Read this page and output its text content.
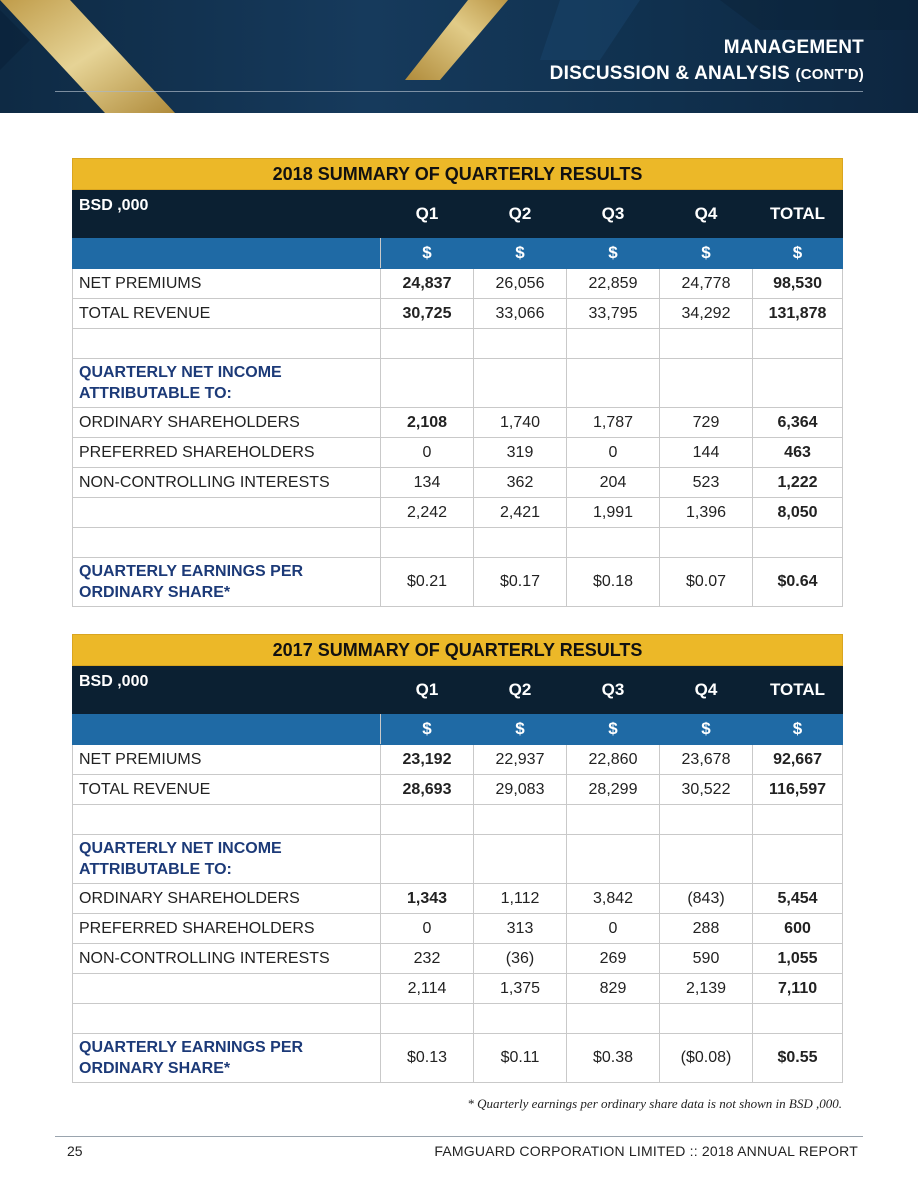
MANAGEMENT
DISCUSSION & ANALYSIS (CONT'D)
2018 SUMMARY OF QUARTERLY RESULTS					
BSD ,000	Q1	Q2	Q3	Q4	TOTAL
	$	$	$	$	$
NET PREMIUMS	24,837	26,056	22,859	24,778	98,530
TOTAL REVENUE	30,725	33,066	33,795	34,292	131,878

QUARTERLY NET INCOME
ATTRIBUTABLE TO:					
ORDINARY SHAREHOLDERS	2,108	1,740	1,787	729	6,364
PREFERRED SHAREHOLDERS	0	319	0	144	463
NON-CONTROLLING INTERESTS	134	362	204	523	1,222
	2,242	2,421	1,991	1,396	8,050

QUARTERLY EARNINGS PER
ORDINARY SHARE*	$0.21	$0.17	$0.18	$0.07	$0.64
2017 SUMMARY OF QUARTERLY RESULTS					
BSD ,000	Q1	Q2	Q3	Q4	TOTAL
	$	$	$	$	$
NET PREMIUMS	23,192	22,937	22,860	23,678	92,667
TOTAL REVENUE	28,693	29,083	28,299	30,522	116,597

QUARTERLY NET INCOME
ATTRIBUTABLE TO:					
ORDINARY SHAREHOLDERS	1,343	1,112	3,842	(843)	5,454
PREFERRED SHAREHOLDERS	0	313	0	288	600
NON-CONTROLLING INTERESTS	232	(36)	269	590	1,055
	2,114	1,375	829	2,139	7,110

QUARTERLY EARNINGS PER
ORDINARY SHARE*	$0.13	$0.11	$0.38	($0.08)	$0.55
* Quarterly earnings per ordinary share data is not shown in BSD ,000.
25	FAMGUARD CORPORATION LIMITED :: 2018 ANNUAL REPORT
